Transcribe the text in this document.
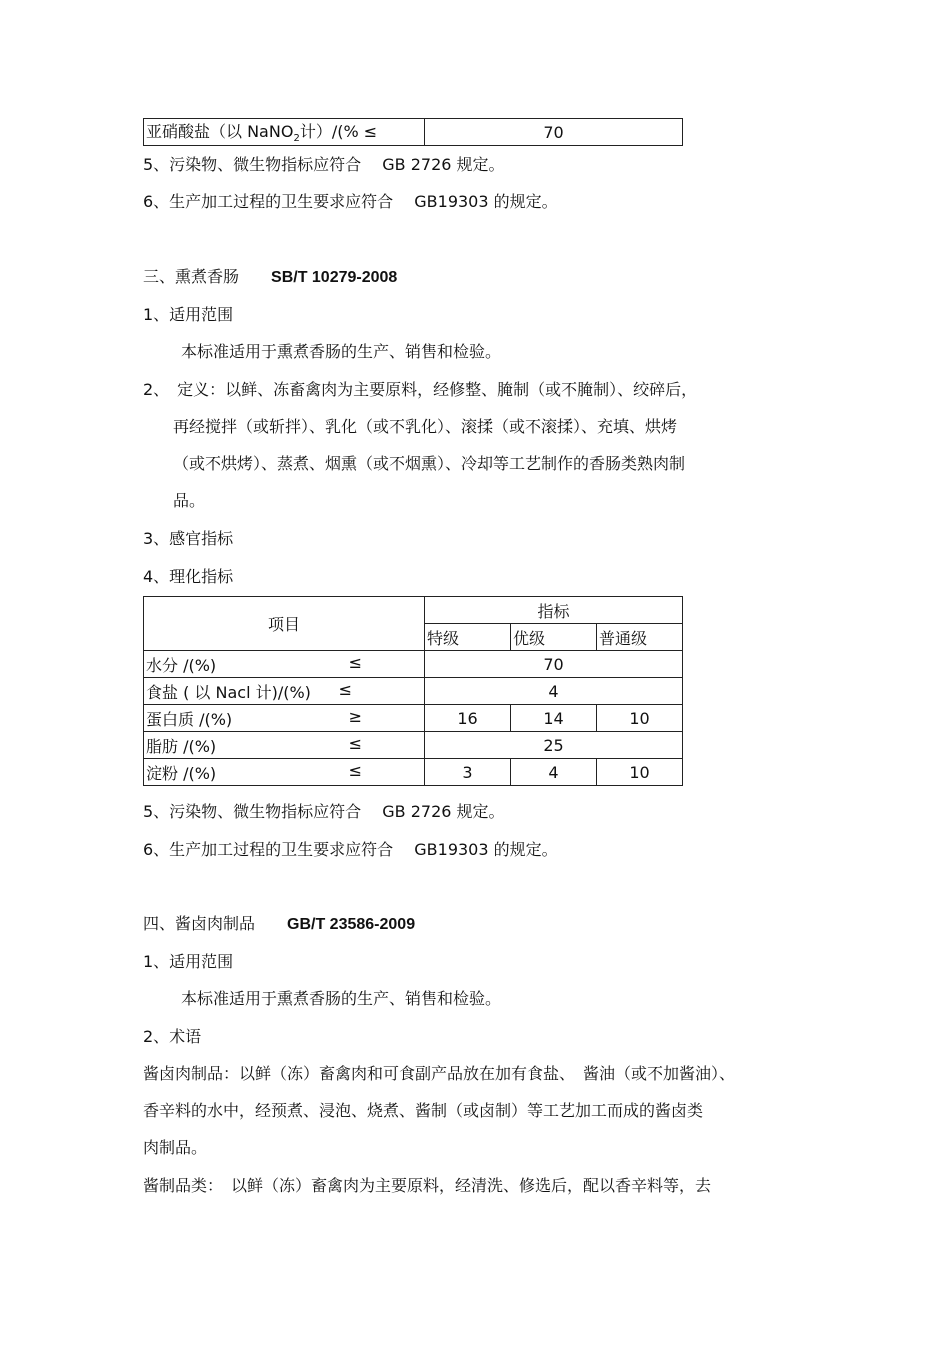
亚硝酸盐（以 NaNO$_2$计）/(% ≤	70
5、污染物、微生物指标应符合　 GB 2726 规定。
6、生产加工过程的卫生要求应符合　 GB19303 的规定。
三、熏煮香肠 SB/T 10279-2008
1、适用范围
本标准适用于熏煮香肠的生产、销售和检验。
2、　定义：以鲜、冻畜禽肉为主要原料，经修整、腌制（或不腌制）、绞碎后，
再经搅拌（或斩拌）、乳化（或不乳化）、滚揉（或不滚揉）、充填、烘烤
（或不烘烤）、蒸煮、烟熏（或不烟熏）、冷却等工艺制作的香肠类熟肉制
品。
3、感官指标
4、理化指标
项目	指标		
	特级	优级	普通级

水分 /(%) ≤	70		

食盐 ( 以 Nacl 计)/(%) ≤	4		

蛋白质 /(%) ≥	16	14	10

脂肪 /(%) ≤	25		

淀粉 /(%) ≤	3	4	10
5、污染物、微生物指标应符合　 GB 2726 规定。
6、生产加工过程的卫生要求应符合　 GB19303 的规定。
四、酱卤肉制品 GB/T 23586-2009
1、适用范围
本标准适用于熏煮香肠的生产、销售和检验。
2、术语
酱卤肉制品：以鲜（冻）畜禽肉和可食副产品放在加有食盐、　酱油（或不加酱油）、
香辛料的水中，经预煮、浸泡、烧煮、酱制（或卤制）等工艺加工而成的酱卤类
肉制品。
酱制品类：　以鲜（冻）畜禽肉为主要原料，经清洗、修选后，配以香辛料等，去
